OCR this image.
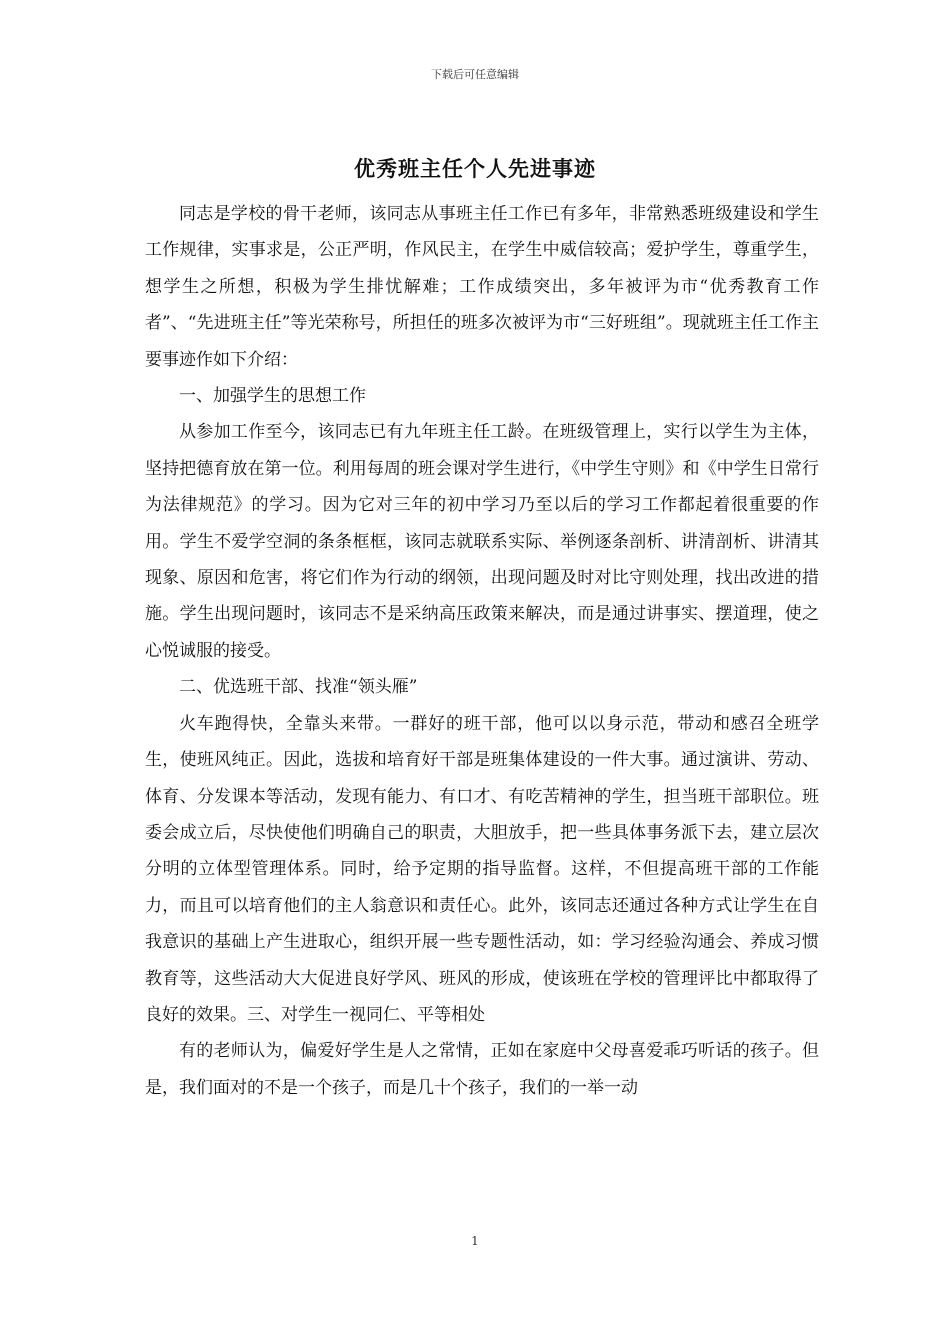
下载后可任意编辑
优秀班主任个人先进事迹

同志是学校的骨干老师，该同志从事班主任工作已有多年，非常熟悉班级建设和学生工作规律，实事求是，公正严明，作风民主，在学生中威信较高；爱护学生，尊重学生，想学生之所想，积极为学生排忧解难；工作成绩突出，多年被评为市“优秀教育工作者”、“先进班主任”等光荣称号，所担任的班多次被评为市“三好班组”。现就班主任工作主要事迹作如下介绍：

一、加强学生的思想工作

从参加工作至今，该同志已有九年班主任工龄。在班级管理上，实行以学生为主体，坚持把德育放在第一位。利用每周的班会课对学生进行，《中学生守则》和《中学生日常行为法律规范》的学习。因为它对三年的初中学习乃至以后的学习工作都起着很重要的作用。学生不爱学空洞的条条框框，该同志就联系实际、举例逐条剖析、讲清剖析、讲清其现象、原因和危害，将它们作为行动的纲领，出现问题及时对比守则处理，找出改进的措施。学生出现问题时，该同志不是采纳高压政策来解决，而是通过讲事实、摆道理，使之心悦诚服的接受。

二、优选班干部、找准“领头雁”

火车跑得快，全靠头来带。一群好的班干部，他可以以身示范，带动和感召全班学生，使班风纯正。因此，选拔和培育好干部是班集体建设的一件大事。通过演讲、劳动、体育、分发课本等活动，发现有能力、有口才、有吃苦精神的学生，担当班干部职位。班委会成立后，尽快使他们明确自己的职责，大胆放手，把一些具体事务派下去，建立层次分明的立体型管理体系。同时，给予定期的指导监督。这样，不但提高班干部的工作能力，而且可以培育他们的主人翁意识和责任心。此外，该同志还通过各种方式让学生在自我意识的基础上产生进取心，组织开展一些专题性活动，如：学习经验沟通会、养成习惯教育等，这些活动大大促进良好学风、班风的形成，使该班在学校的管理评比中都取得了良好的效果。三、对学生一视同仁、平等相处

有的老师认为，偏爱好学生是人之常情，正如在家庭中父母喜爱乖巧听话的孩子。但是，我们面对的不是一个孩子，而是几十个孩子，我们的一举一动

1
